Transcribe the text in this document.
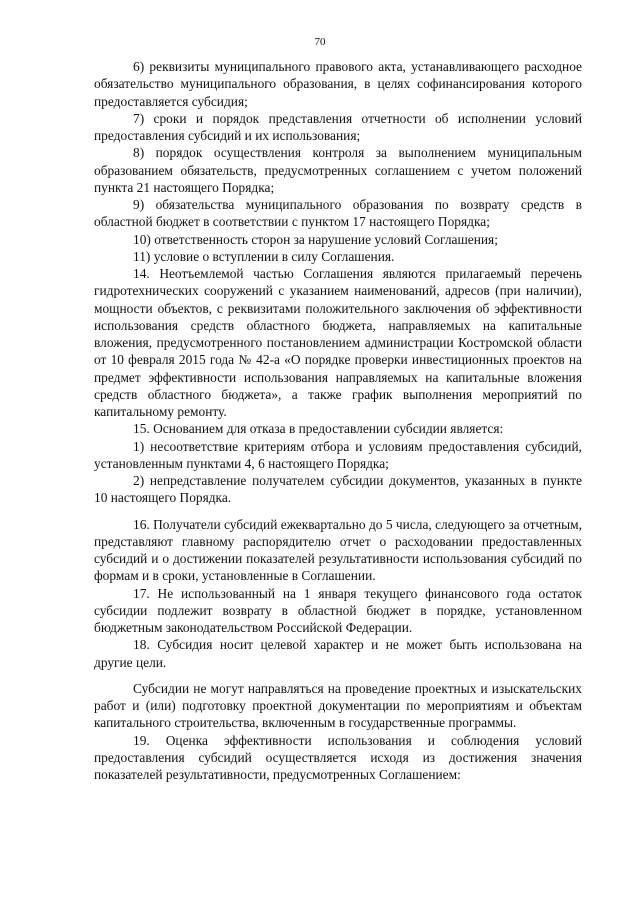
70

6) реквизиты муниципального правового акта, устанавливающего расходное обязательство муниципального образования, в целях софинансирования которого предоставляется субсидия;

7) сроки и порядок представления отчетности об исполнении условий предоставления субсидий и их использования;

8) порядок осуществления контроля за выполнением муниципальным образованием обязательств, предусмотренных соглашением с учетом положений пункта 21 настоящего Порядка;

9) обязательства муниципального образования по возврату средств в областной бюджет в соответствии с пунктом 17 настоящего Порядка;

10) ответственность сторон за нарушение условий Соглашения;

11) условие о вступлении в силу Соглашения.

14. Неотъемлемой частью Соглашения являются прилагаемый перечень гидротехнических сооружений с указанием наименований, адресов (при наличии), мощности объектов, с реквизитами положительного заключения об эффективности использования средств областного бюджета, направляемых на капитальные вложения, предусмотренного постановлением администрации Костромской области от 10 февраля 2015 года № 42-а «О порядке проверки инвестиционных проектов на предмет эффективности использования направляемых на капитальные вложения средств областного бюджета», а также график выполнения мероприятий по капитальному ремонту.

15. Основанием для отказа в предоставлении субсидии является:

1) несоответствие критериям отбора и условиям предоставления субсидий, установленным пунктами 4, 6 настоящего Порядка;

2) непредставление получателем субсидии документов, указанных в пункте 10 настоящего Порядка.

16. Получатели субсидий ежеквартально до 5 числа, следующего за отчетным, представляют главному распорядителю отчет о расходовании предоставленных субсидий и о достижении показателей результативности использования субсидий по формам и в сроки, установленные в Соглашении.

17. Не использованный на 1 января текущего финансового года остаток субсидии подлежит возврату в областной бюджет в порядке, установленном бюджетным законодательством Российской Федерации.

18. Субсидия носит целевой характер и не может быть использована на другие цели.

Субсидии не могут направляться на проведение проектных и изыскательских работ и (или) подготовку проектной документации по мероприятиям и объектам капитального строительства, включенным в государственные программы.

19. Оценка эффективности использования и соблюдения условий предоставления субсидий осуществляется исходя из достижения значения показателей результативности, предусмотренных Соглашением:
